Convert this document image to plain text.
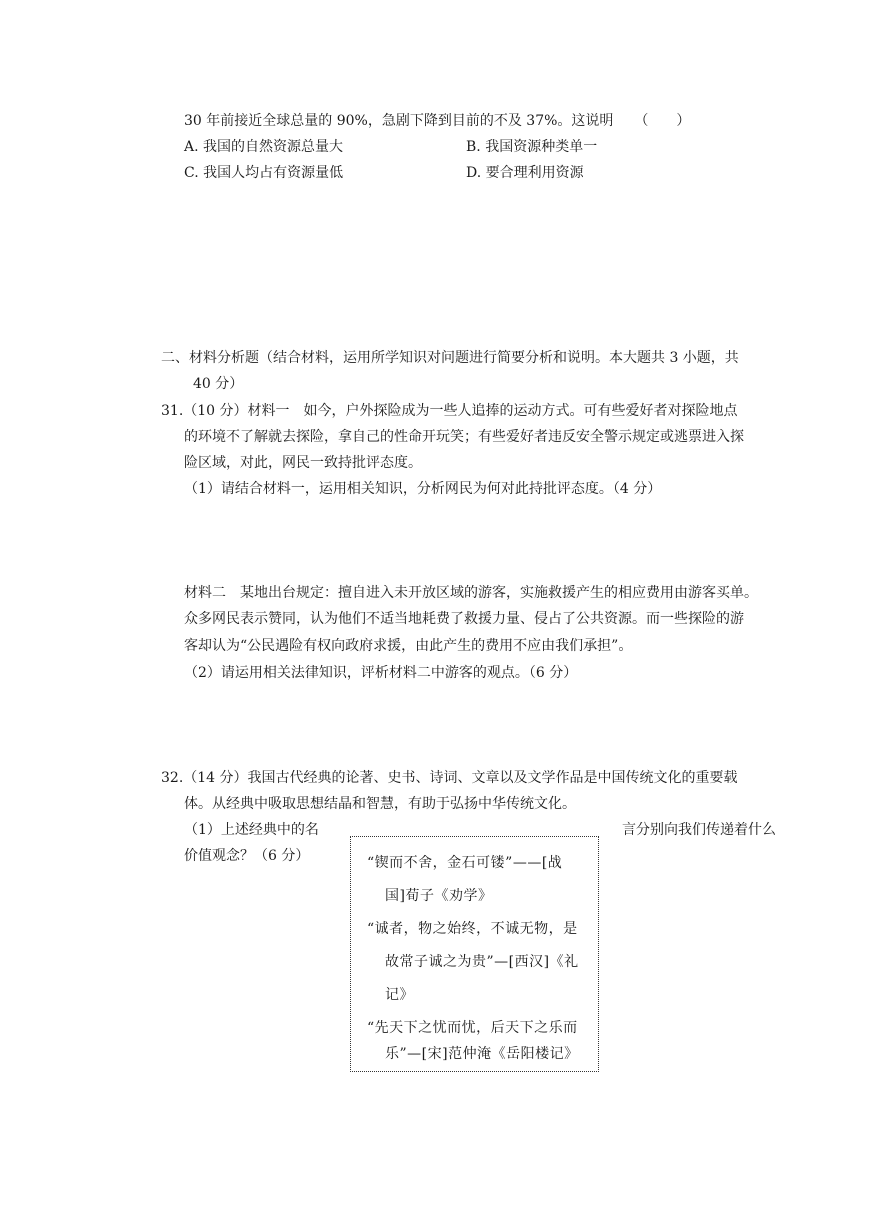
30 年前接近全球总量的 90%，急剧下降到目前的不及 37%。这说明　　（　　）
A. 我国的自然资源总量大	B. 我国资源种类单一
C. 我国人均占有资源量低	D. 要合理利用资源
二、材料分析题（结合材料，运用所学知识对问题进行简要分析和说明。本大题共 3 小题，共
40 分）
31.（10 分）材料一　如今，户外探险成为一些人追捧的运动方式。可有些爱好者对探险地点
的环境不了解就去探险，拿自己的性命开玩笑；有些爱好者违反安全警示规定或逃票进入探
险区域，对此，网民一致持批评态度。
（1）请结合材料一，运用相关知识，分析网民为何对此持批评态度。（4 分）
材料二　某地出台规定：擅自进入未开放区域的游客，实施救援产生的相应费用由游客买单。
众多网民表示赞同，认为他们不适当地耗费了救援力量、侵占了公共资源。而一些探险的游
客却认为“公民遇险有权向政府求援，由此产生的费用不应由我们承担”。
（2）请运用相关法律知识，评析材料二中游客的观点。（6 分）
32.（14 分）我国古代经典的论著、史书、诗词、文章以及文学作品是中国传统文化的重要载
体。从经典中吸取思想结晶和智慧，有助于弘扬中华传统文化。
（1）上述经典中的名	言分别向我们传递着什么
价值观念？（6 分）	“锲而不舍，金石可镂”——[战
国]荀子《劝学》
“诚者，物之始终，不诚无物，是
故常子诚之为贵”—[西汉]《礼
记》
“先天下之忧而忧，后天下之乐而
乐”—[宋]范仲淹《岳阳楼记》
